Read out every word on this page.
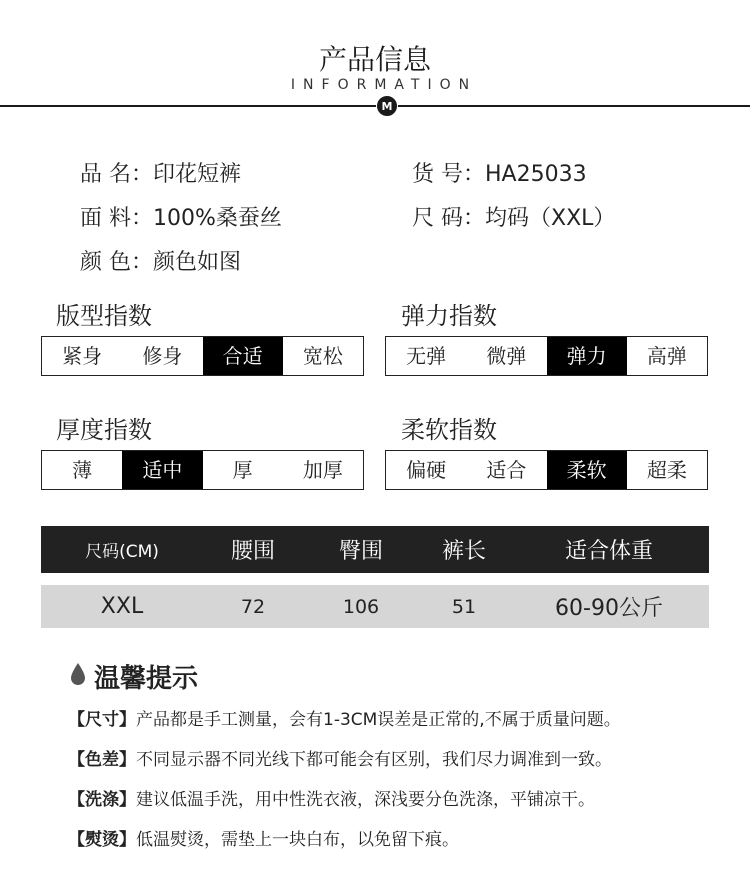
产品信息
INFORMATION
M
品 名：印花短裤	货 号：HA25033
面 料：100%桑蚕丝	尺 码：均码（XXL）
颜 色：颜色如图
版型指数
紧身	修身	合适	宽松
弹力指数
无弹	微弹	弹力	高弹
厚度指数
薄	适中	厚	加厚
柔软指数
偏硬	适合	柔软	超柔
尺码(CM)	腰围	臀围	裤长	适合体重
XXL	72	106	51	60-90公斤
温馨提示
【尺寸】产品都是手工测量，会有1-3CM误差是正常的,不属于质量问题。
【色差】不同显示器不同光线下都可能会有区别，我们尽力调准到一致。
【洗涤】建议低温手洗，用中性洗衣液，深浅要分色洗涤，平铺凉干。
【熨烫】低温熨烫，需垫上一块白布，以免留下痕。
